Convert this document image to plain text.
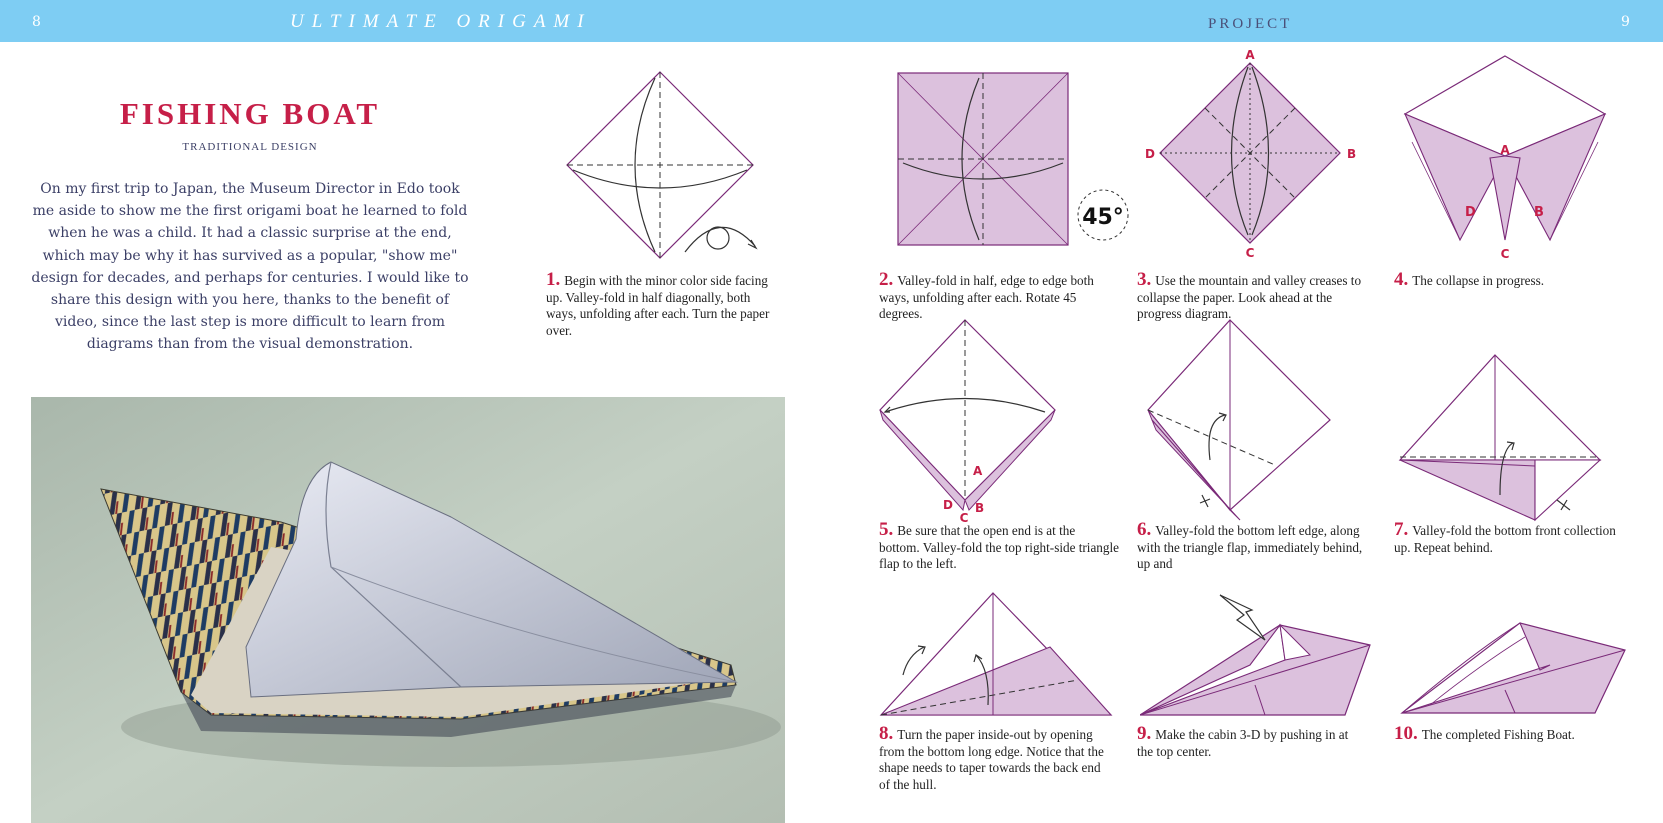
8	ULTIMATE ORIGAMI	PROJECT	9
FISHING BOAT
TRADITIONAL DESIGN
On my first trip to Japan, the Museum Director in Edo took me aside to show me the first origami boat he learned to fold when he was a child. It had a classic surprise at the end, which may be why it has survived as a popular, "show me" design for decades, and perhaps for centuries. I would like to share this design with you here, thanks to the benefit of video, since the last step is more difficult to learn from diagrams than from the visual demonstration.
45°
A
B
C
D	A
B
C
D
A
B
C
D
1. Begin with the minor color side facing up. Valley-fold in half diagonally, both ways, unfolding after each. Turn the paper over.
2. Valley-fold in half, edge to edge both ways, unfolding after each. Rotate 45 degrees.
3. Use the mountain and valley creases to collapse the paper. Look ahead at the progress diagram.
4. The collapse in progress.
5. Be sure that the open end is at the bottom. Valley-fold the top right-side triangle flap to the left.
6. Valley-fold the bottom left edge, along with the triangle flap, immediately behind, up and
7. Valley-fold the bottom front collection up. Repeat behind.
8. Turn the paper inside-out by opening from the bottom long edge. Notice that the shape needs to taper towards the back end of the hull.
9. Make the cabin 3-D by pushing in at the top center.
10. The completed Fishing Boat.
